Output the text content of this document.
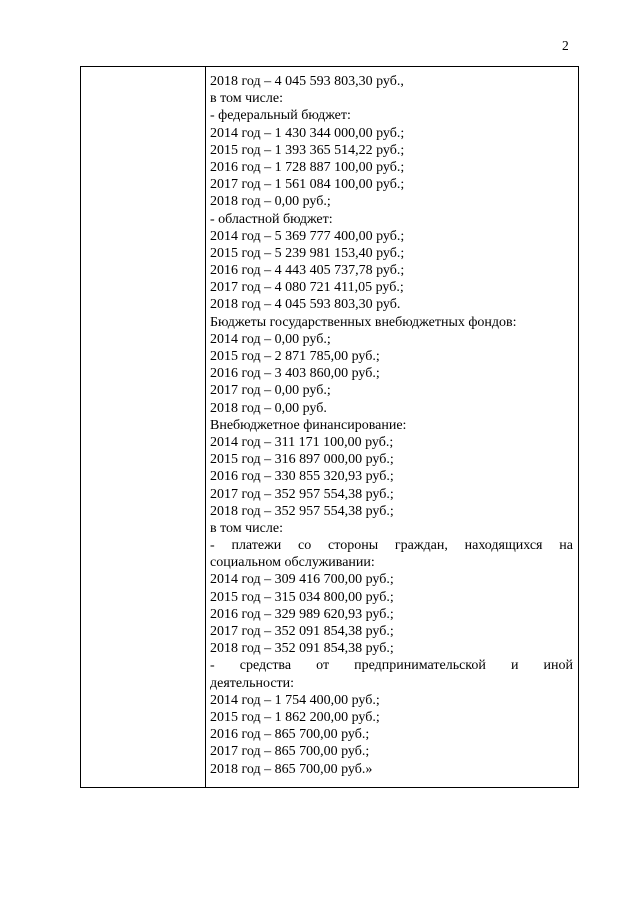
2
2018 год – 4 045 593 803,30 руб.,
в том числе:
- федеральный бюджет:
2014 год – 1 430 344 000,00 руб.;
2015 год – 1 393 365 514,22 руб.;
2016 год – 1 728 887 100,00 руб.;
2017 год – 1 561 084 100,00 руб.;
2018 год – 0,00 руб.;
- областной бюджет:
2014 год – 5 369 777 400,00 руб.;
2015 год – 5 239 981 153,40 руб.;
2016 год – 4 443 405 737,78 руб.;
2017 год – 4 080 721 411,05 руб.;
2018 год – 4 045 593 803,30 руб.
Бюджеты государственных внебюджетных фондов:
2014 год – 0,00 руб.;
2015 год – 2 871 785,00 руб.;
2016 год – 3 403 860,00 руб.;
2017 год – 0,00 руб.;
2018 год – 0,00 руб.
Внебюджетное финансирование:
2014 год – 311 171 100,00 руб.;
2015 год – 316 897 000,00 руб.;
2016 год – 330 855 320,93 руб.;
2017 год – 352 957 554,38 руб.;
2018 год – 352 957 554,38 руб.;
в том числе:
- платежи со стороны граждан, находящихся на
социальном обслуживании:
2014 год – 309 416 700,00 руб.;
2015 год – 315 034 800,00 руб.;
2016 год – 329 989 620,93 руб.;
2017 год – 352 091 854,38 руб.;
2018 год – 352 091 854,38 руб.;
- средства от предпринимательской и иной
деятельности:
2014 год – 1 754 400,00 руб.;
2015 год – 1 862 200,00 руб.;
2016 год – 865 700,00 руб.;
2017 год – 865 700,00 руб.;
2018 год – 865 700,00 руб.»
